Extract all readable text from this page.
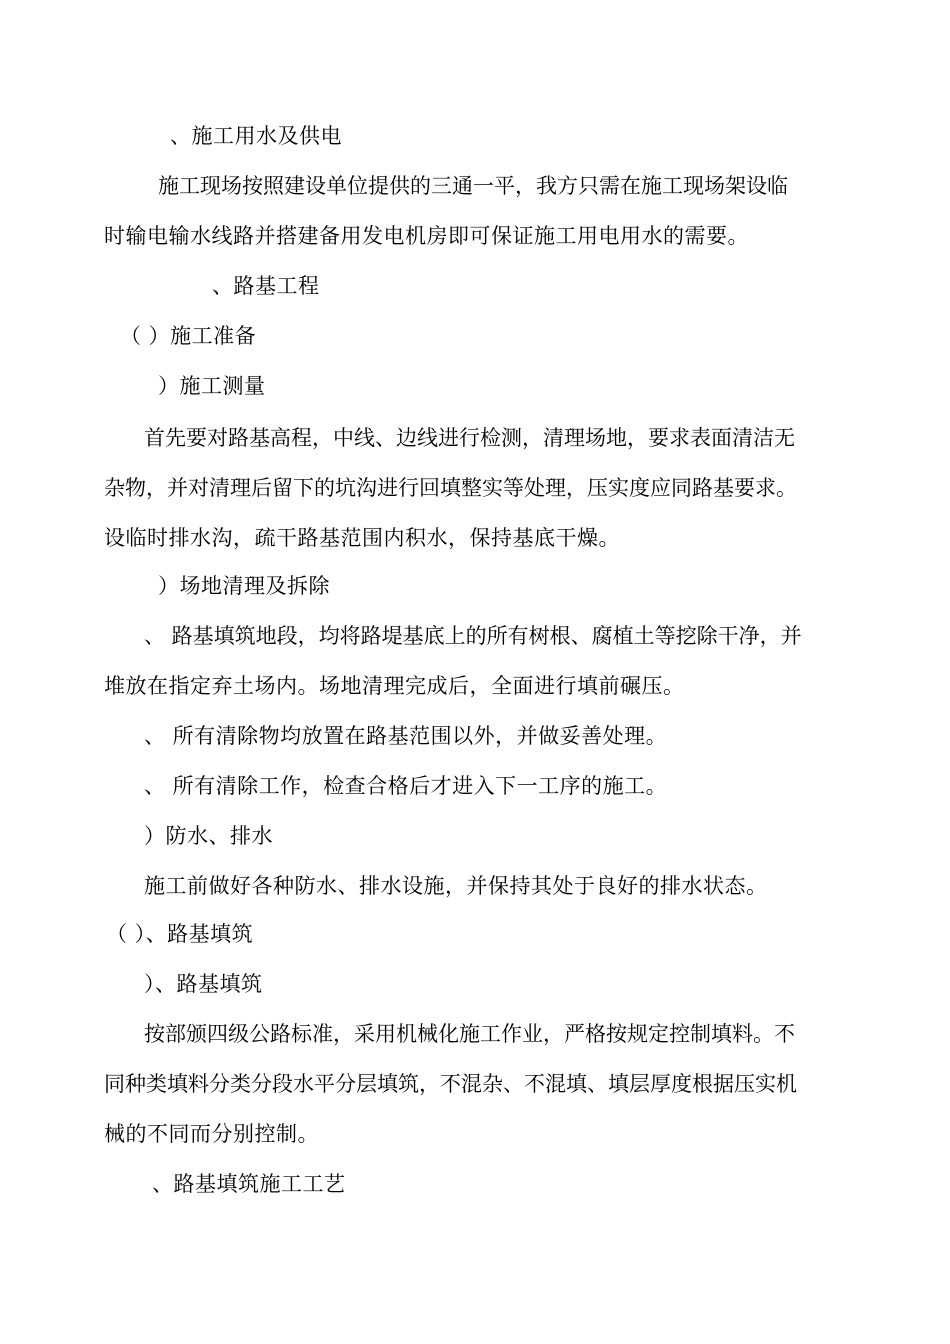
、施工用水及供电
施工现场按照建设单位提供的三通一平，我方只需在施工现场架设临
时输电输水线路并搭建备用发电机房即可保证施工用电用水的需要。
、路基工程
（ ）施工准备
）施工测量
首先要对路基高程，中线、边线进行检测，清理场地，要求表面清洁无
杂物，并对清理后留下的坑沟进行回填整实等处理，压实度应同路基要求。
设临时排水沟，疏干路基范围内积水，保持基底干燥。
）场地清理及拆除
、 路基填筑地段，均将路堤基底上的所有树根、腐植土等挖除干净，并
堆放在指定弃土场内。场地清理完成后，全面进行填前碾压。
、 所有清除物均放置在路基范围以外，并做妥善处理。
、 所有清除工作，检查合格后才进入下一工序的施工。
）防水、排水
施工前做好各种防水、排水设施，并保持其处于良好的排水状态。
（ ）、路基填筑
）、路基填筑
按部颁四级公路标准，采用机械化施工作业，严格按规定控制填料。不
同种类填料分类分段水平分层填筑，不混杂、不混填、填层厚度根据压实机
械的不同而分别控制。
、路基填筑施工工艺
